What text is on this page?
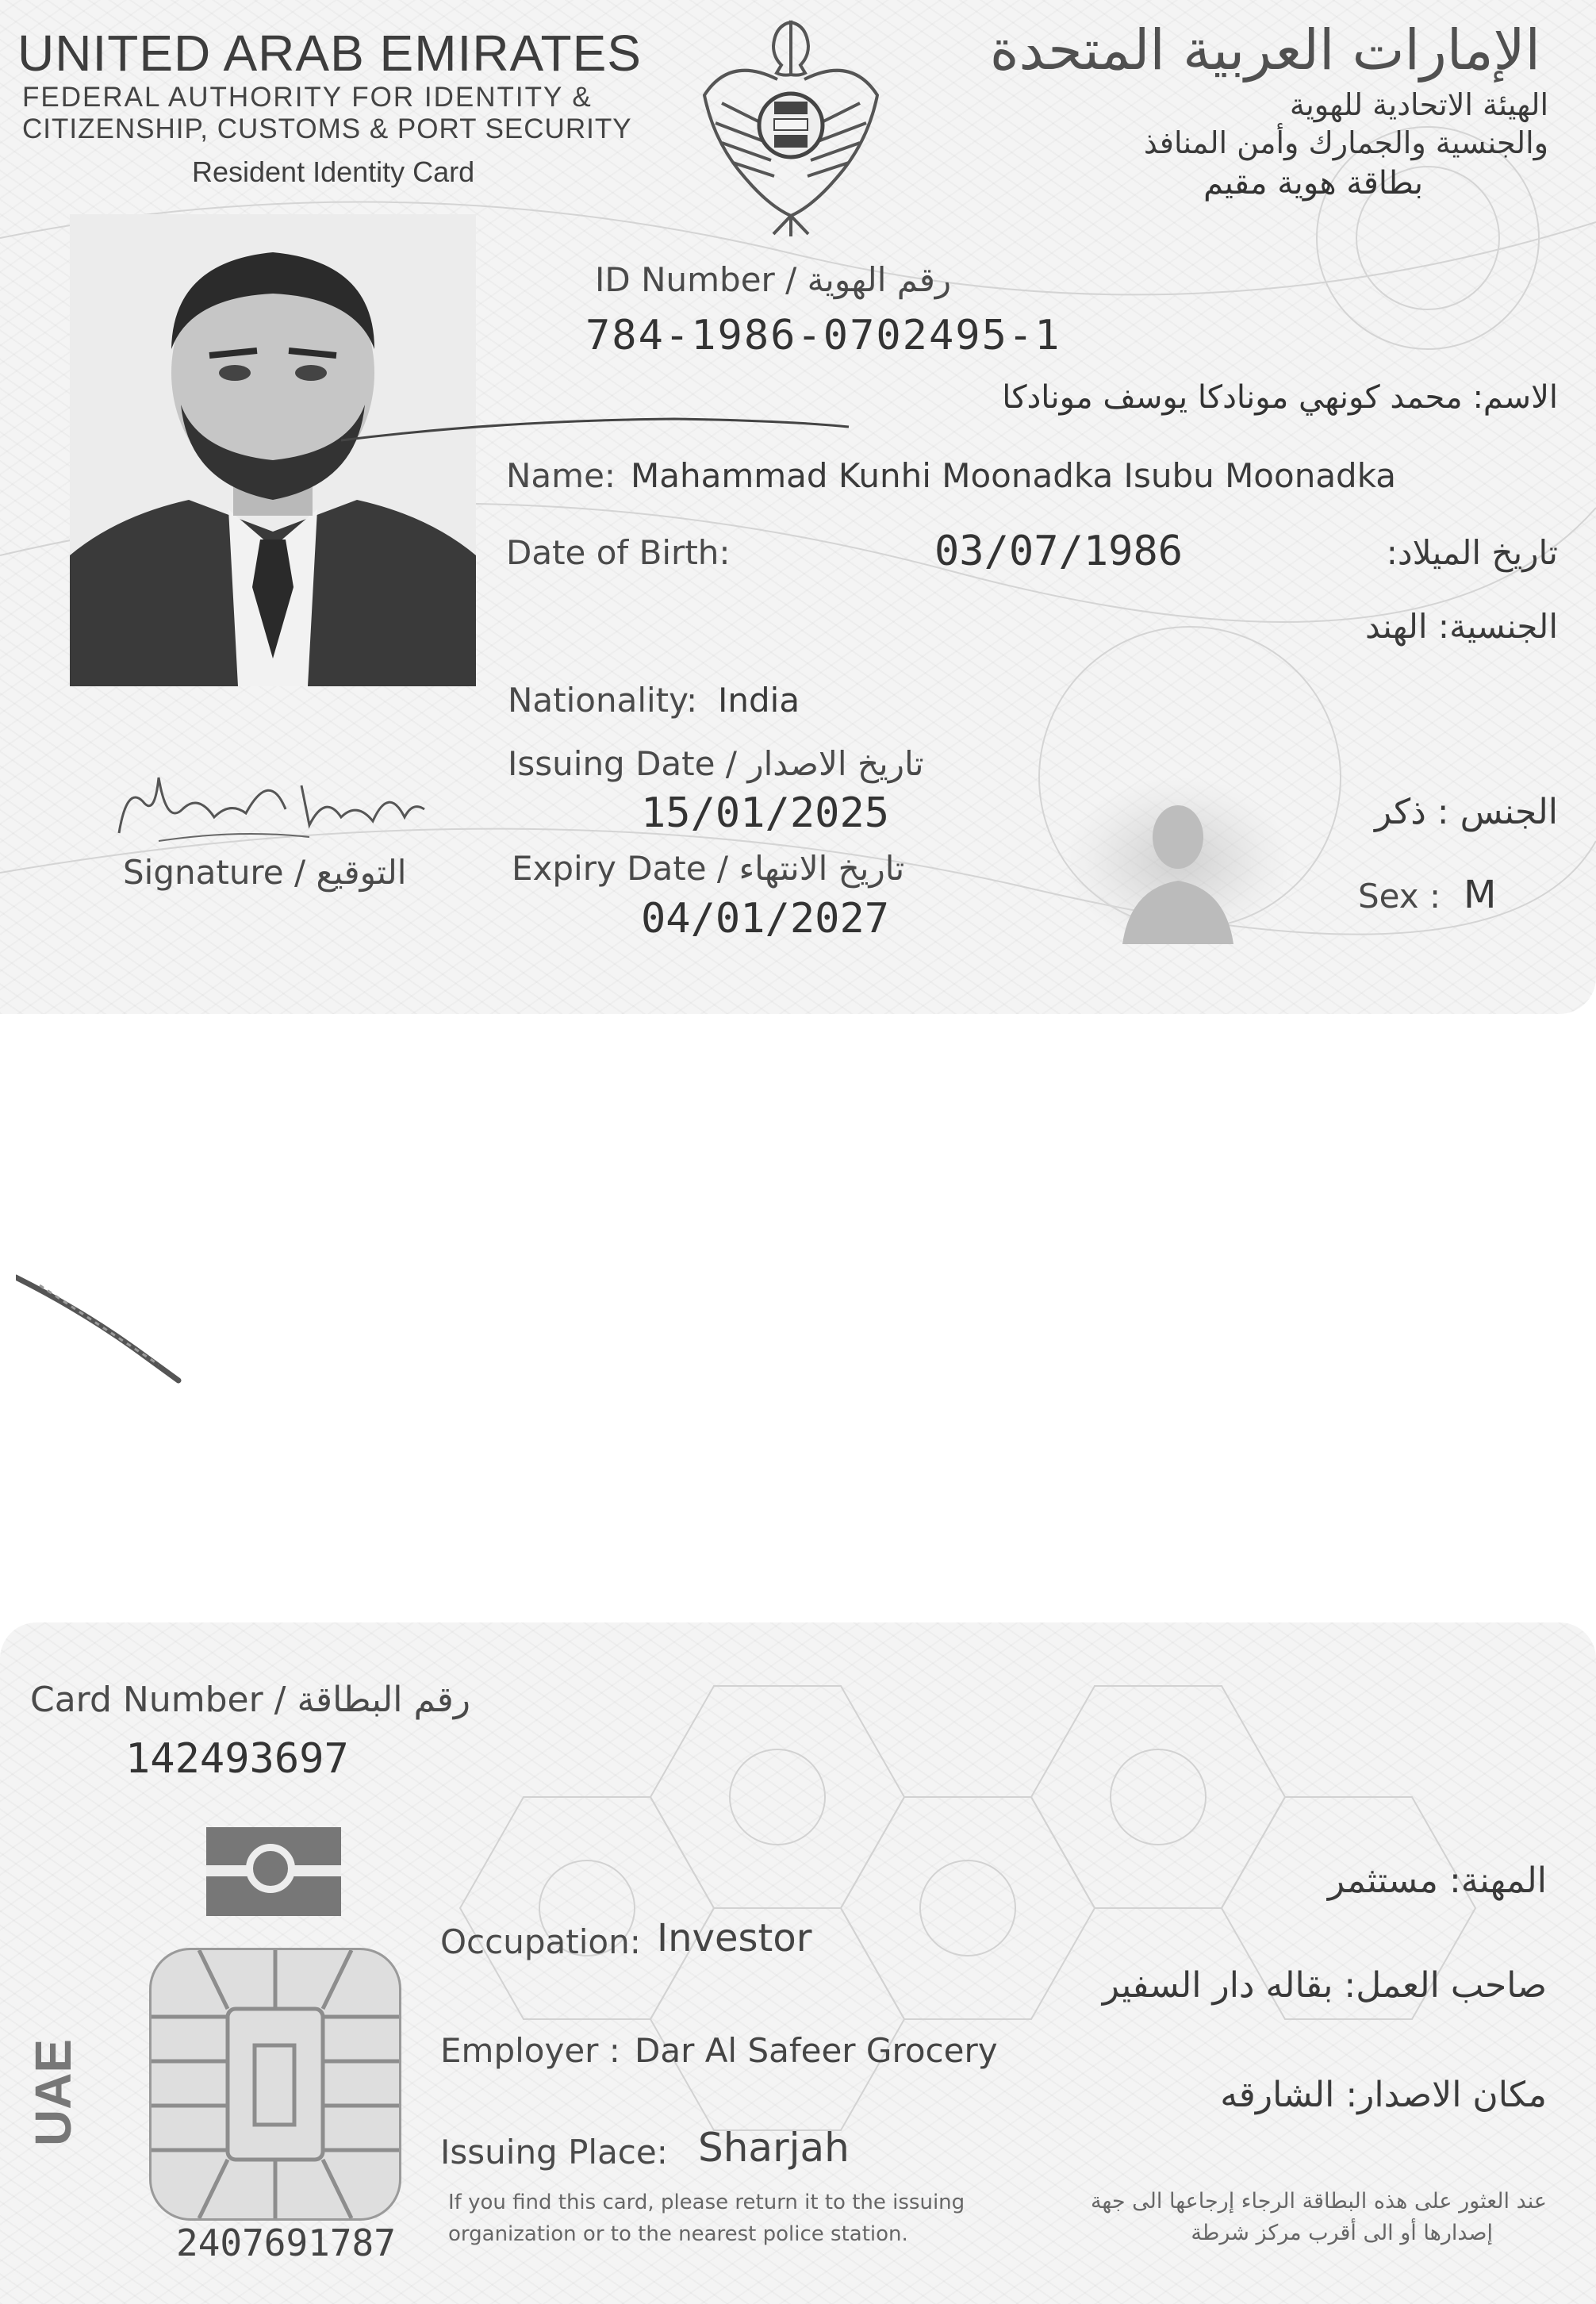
UNITED ARAB EMIRATES
FEDERAL AUTHORITY FOR IDENTITY &
CITIZENSHIP, CUSTOMS & PORT SECURITY
Resident Identity Card
الإمارات العربية المتحدة
الهيئة الاتحادية للهوية
والجنسية والجمارك وأمن المنافذ
بطاقة هوية مقيم
ID Number / رقم الهوية
784-1986-0702495-1
الاسم: محمد كونهي مونادكا يوسف مونادكا
Name: Mahammad Kunhi Moonadka Isubu Moonadka
Date of Birth:	03/07/1986	تاريخ الميلاد:
الجنسية: الهند
Nationality: India
Issuing Date / تاريخ الاصدار
15/01/2025
Expiry Date / تاريخ الانتهاء
04/01/2027
Signature / التوقيع
الجنس : ذكر
Sex : M
Card Number / رقم البطاقة
142493697
UAE
2407691787
المهنة: مستثمر
Occupation: Investor
صاحب العمل: بقاله دار السفير
Employer : Dar Al Safeer Grocery
مكان الاصدار: الشارقه
Issuing Place: Sharjah
If you find this card, please return it to the issuing
organization or to the nearest police station.
عند العثور على هذه البطاقة الرجاء إرجاعها الى جهة
إصدارها أو الى أقرب مركز شرطة
